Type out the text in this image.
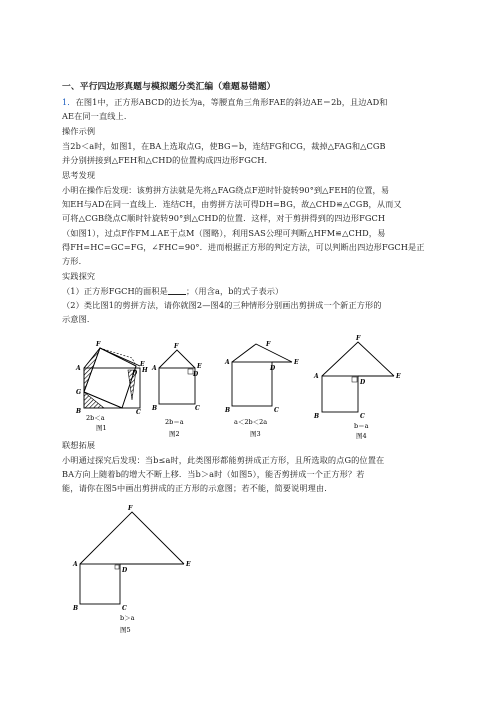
一、平行四边形真题与模拟题分类汇编（难题易错题）
1．在图1中，正方形ABCD的边长为a，等腰直角三角形FAE的斜边AE＝2b，且边AD和
AE在同一直线上．
操作示例
当2b＜a时，如图1，在BA上选取点G，使BG＝b，连结FG和CG，裁掉△FAG和△CGB
并分别拼接到△FEH和△CHD的位置构成四边形FGCH．
思考发现
小明在操作后发现：该剪拼方法就是先将△FAG绕点F逆时针旋转90°到△FEH的位置，易
知EH与AD在同一直线上．连结CH，由剪拼方法可得DH=BG，故△CHD≌△CGB，从而又
可将△CGB绕点C顺时针旋转90°到△CHD的位置．这样，对于剪拼得到的四边形FGCH
（如图1），过点F作FM⊥AE于点M（图略），利用SAS公理可判断△HFM≌△CHD，易
得FH=HC=GC=FG，∠FHC=90°．进而根据正方形的判定方法，可以判断出四边形FGCH是正
方形．
实践探究
（1）正方形FGCH的面积是 ；（用含a，b的式子表示）
（2）类比图1的剪拼方法，请你就图2—图4的三种情形分别画出剪拼成一个新正方形的
示意图．
F
A
E
D H
G
B	C
2b＜a
图1
F
A	E
D
B	C
2b＝a
图2
F
A	E
D
B	C
a＜2b＜2a
图3
F
A	E
D
B	C
b＝a
图4
联想拓展
小明通过探究后发现：当b≤a时，此类图形都能剪拼成正方形，且所选取的点G的位置在
BA方向上随着b的增大不断上移．当b＞a时（如图5），能否剪拼成一个正方形？若
能，请你在图5中画出剪拼成的正方形的示意图；若不能，简要说明理由．
F
A	E
D
B	C
b＞a
图5
